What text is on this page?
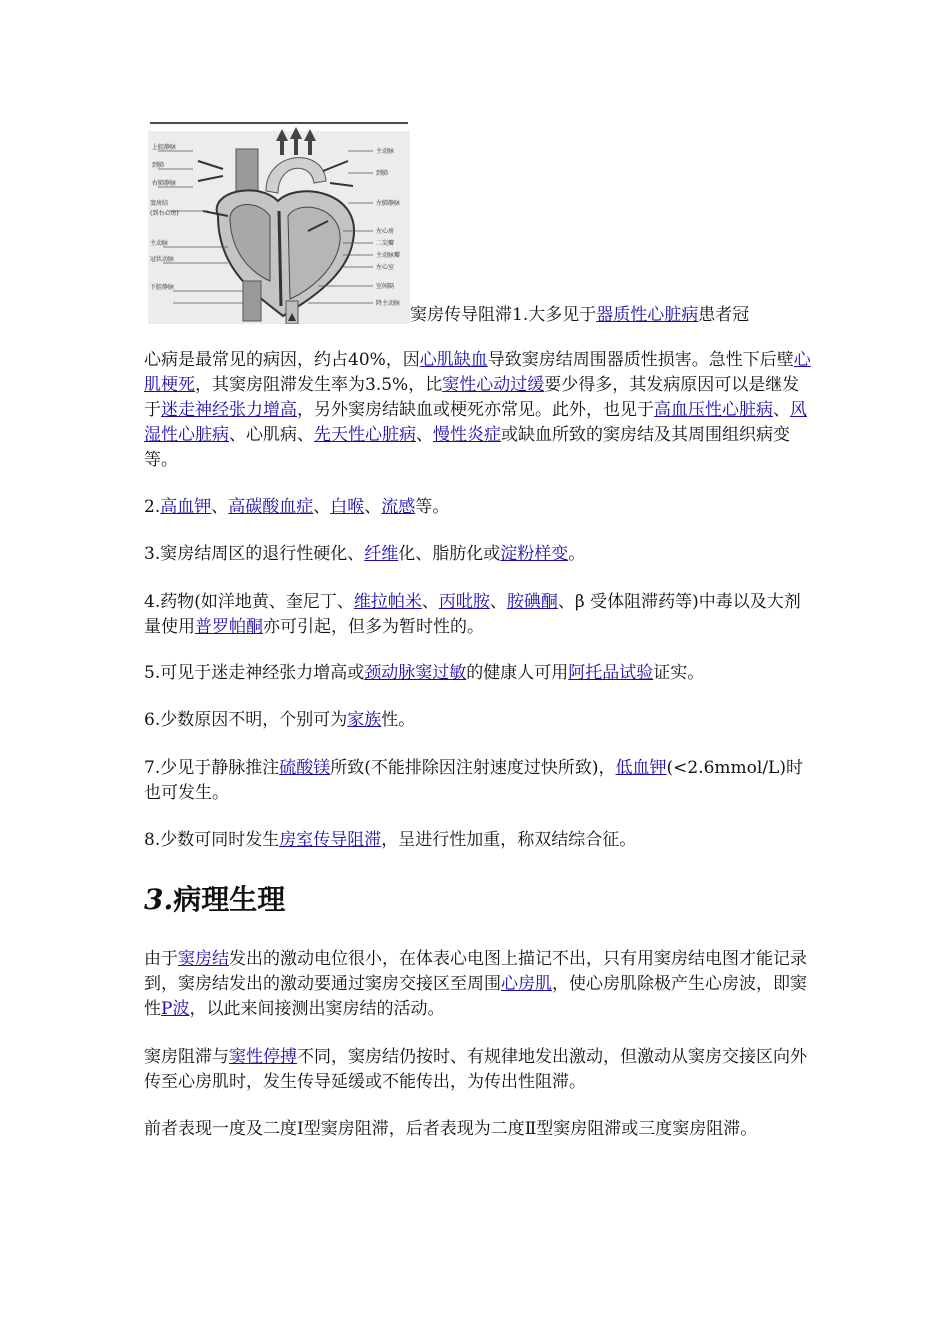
上腔静脉
到肺
右肺静脉
窦房结
(到右心房)
主动脉
冠状动脉
下腔静脉
主动脉
到肺
左肺静脉
左心房
二尖瓣
主动脉瓣
左心室
室间隔
降主动脉
窦房传导阻滞1.大多见于器质性心脏病患者冠

心病是最常见的病因，约占40%，因心肌缺血导致窦房结周围器质性损害。急性下后壁心肌梗死，其窦房阻滞发生率为3.5%，比窦性心动过缓要少得多，其发病原因可以是继发于迷走神经张力增高，另外窦房结缺血或梗死亦常见。此外，也见于高血压性心脏病、风湿性心脏病、心肌病、先天性心脏病、慢性炎症或缺血所致的窦房结及其周围组织病变等。

2.高血钾、高碳酸血症、白喉、流感等。

3.窦房结周区的退行性硬化、纤维化、脂肪化或淀粉样变。

4.药物(如洋地黄、奎尼丁、维拉帕米、丙吡胺、胺碘酮、β 受体阻滞药等)中毒以及大剂量使用普罗帕酮亦可引起，但多为暂时性的。

5.可见于迷走神经张力增高或颈动脉窦过敏的健康人可用阿托品试验证实。

6.少数原因不明，个别可为家族性。

7.少见于静脉推注硫酸镁所致(不能排除因注射速度过快所致)，低血钾(<2.6mmol/L)时也可发生。

8.少数可同时发生房室传导阻滞，呈进行性加重，称双结综合征。

3.病理生理

由于窦房结发出的激动电位很小，在体表心电图上描记不出，只有用窦房结电图才能记录到，窦房结发出的激动要通过窦房交接区至周围心房肌，使心房肌除极产生心房波，即窦性P波，以此来间接测出窦房结的活动。

窦房阻滞与窦性停搏不同，窦房结仍按时、有规律地发出激动，但激动从窦房交接区向外传至心房肌时，发生传导延缓或不能传出，为传出性阻滞。

前者表现一度及二度Ⅰ型窦房阻滞，后者表现为二度Ⅱ型窦房阻滞或三度窦房阻滞。
